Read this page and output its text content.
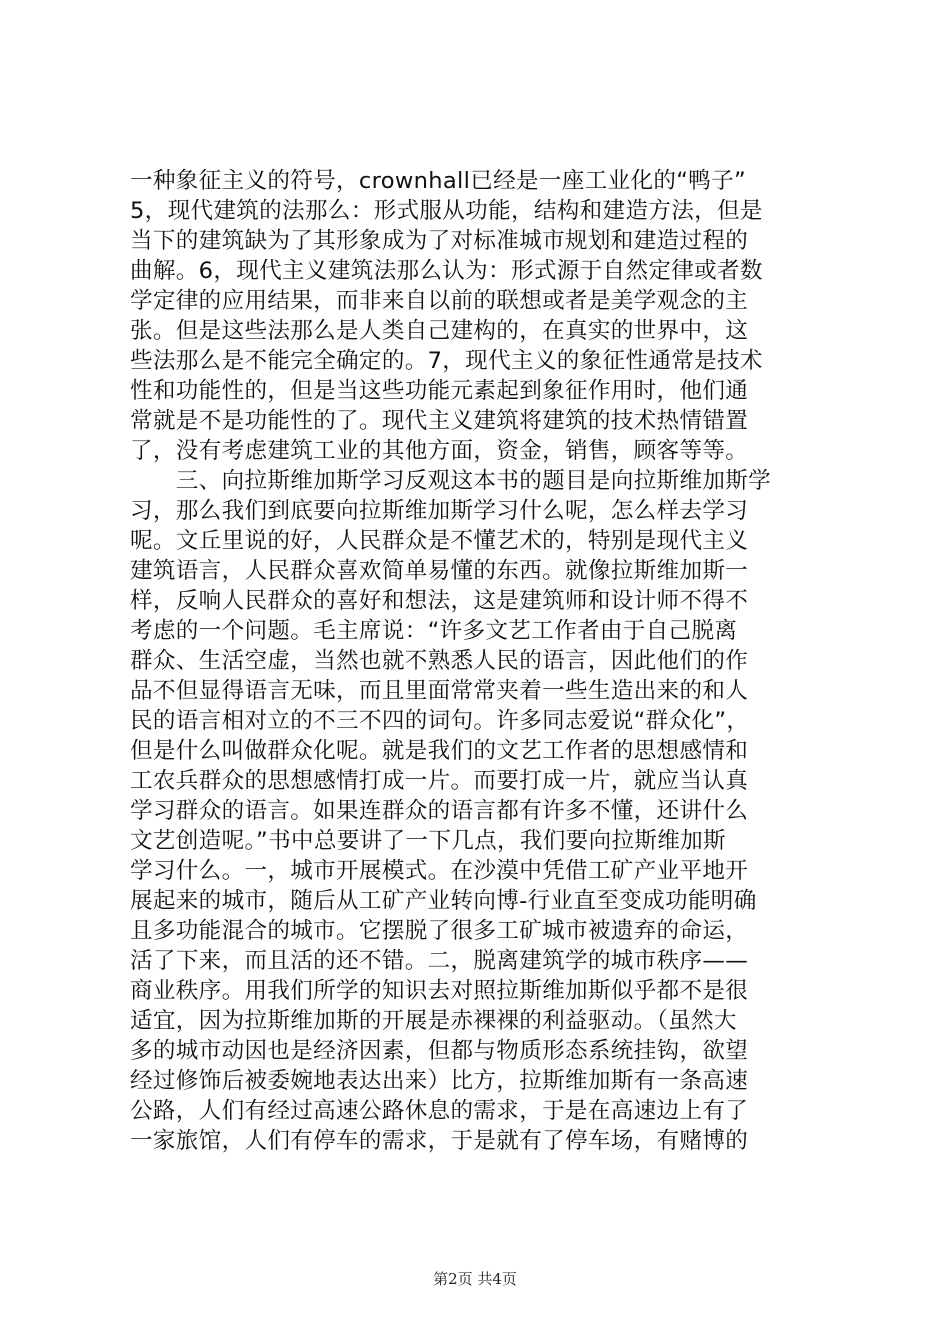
一种象征主义的符号，crownhall已经是一座工业化的“鸭子”
5，现代建筑的法那么：形式服从功能，结构和建造方法，但是
当下的建筑缺为了其形象成为了对标准城市规划和建造过程的
曲解。6，现代主义建筑法那么认为：形式源于自然定律或者数
学定律的应用结果，而非来自以前的联想或者是美学观念的主
张。但是这些法那么是人类自己建构的，在真实的世界中，这
些法那么是不能完全确定的。7，现代主义的象征性通常是技术
性和功能性的，但是当这些功能元素起到象征作用时，他们通
常就是不是功能性的了。现代主义建筑将建筑的技术热情错置
了，没有考虑建筑工业的其他方面，资金，销售，顾客等等。
　　三、向拉斯维加斯学习反观这本书的题目是向拉斯维加斯学
习，那么我们到底要向拉斯维加斯学习什么呢，怎么样去学习
呢。文丘里说的好，人民群众是不懂艺术的，特别是现代主义
建筑语言，人民群众喜欢简单易懂的东西。就像拉斯维加斯一
样，反响人民群众的喜好和想法，这是建筑师和设计师不得不
考虑的一个问题。毛主席说：“许多文艺工作者由于自己脱离
群众、生活空虚，当然也就不熟悉人民的语言，因此他们的作
品不但显得语言无味，而且里面常常夹着一些生造出来的和人
民的语言相对立的不三不四的词句。许多同志爱说“群众化”，
但是什么叫做群众化呢。就是我们的文艺工作者的思想感情和
工农兵群众的思想感情打成一片。而要打成一片，就应当认真
学习群众的语言。如果连群众的语言都有许多不懂，还讲什么
文艺创造呢。”书中总要讲了一下几点，我们要向拉斯维加斯
学习什么。一，城市开展模式。在沙漠中凭借工矿产业平地开
展起来的城市，随后从工矿产业转向博-行业直至变成功能明确
且多功能混合的城市。它摆脱了很多工矿城市被遗弃的命运，
活了下来，而且活的还不错。二，脱离建筑学的城市秩序——
商业秩序。用我们所学的知识去对照拉斯维加斯似乎都不是很
适宜，因为拉斯维加斯的开展是赤裸裸的利益驱动。（虽然大
多的城市动因也是经济因素，但都与物质形态系统挂钩，欲望
经过修饰后被委婉地表达出来）比方，拉斯维加斯有一条高速
公路，人们有经过高速公路休息的需求，于是在高速边上有了
一家旅馆，人们有停车的需求，于是就有了停车场，有赌博的
第2页 共4页
